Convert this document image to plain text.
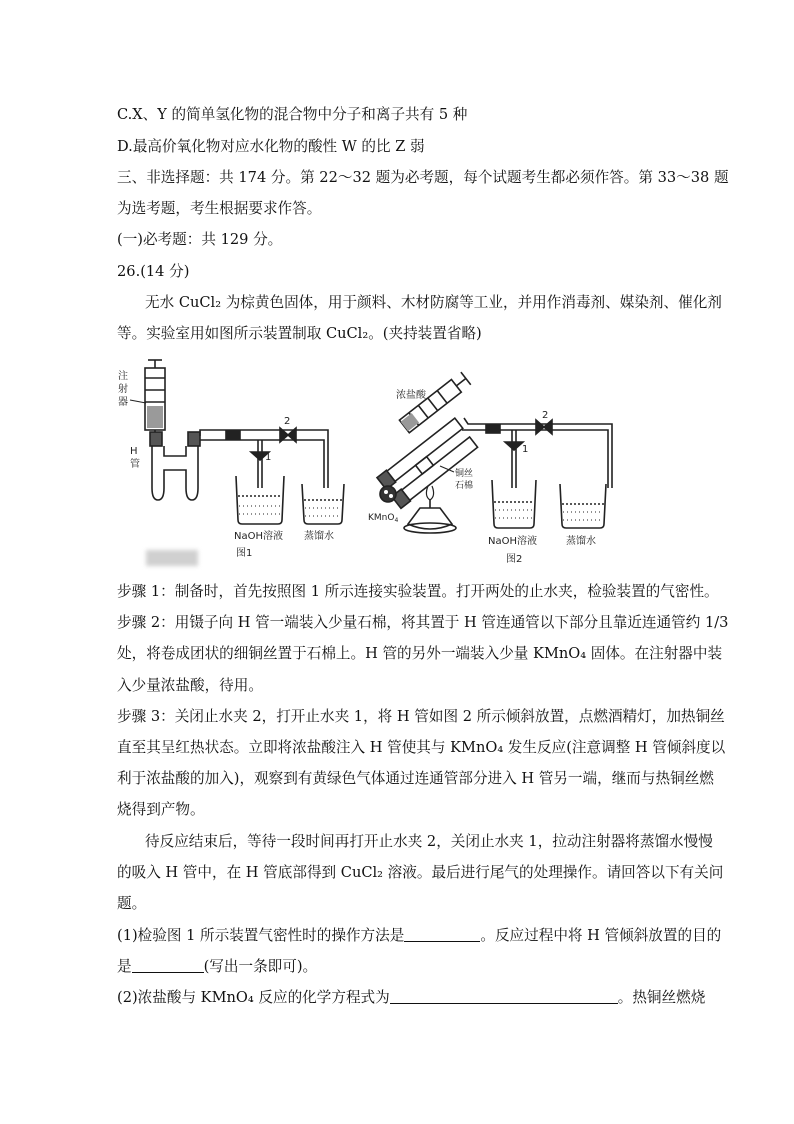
C.X、Y 的简单氢化物的混合物中分子和离子共有 5 种
D.最高价氧化物对应水化物的酸性 W 的比 Z 弱
三、非选择题：共 174 分。第 22～32 题为必考题，每个试题考生都必须作答。第 33～38 题
为选考题，考生根据要求作答。
(一)必考题：共 129 分。
26.(14 分)
无水 CuCl₂ 为棕黄色固体，用于颜料、木材防腐等工业，并用作消毒剂、媒染剂、催化剂
等。实验室用如图所示装置制取 CuCl₂。(夹持装置省略)
注
射
器
H
管
1
2
NaOH溶液 蒸馏水
图1
浓盐酸
KMnO$_4$
铜丝
石棉
1
2
NaOH溶液	蒸馏水
图2
步骤 1：制备时，首先按照图 1 所示连接实验装置。打开两处的止水夹，检验装置的气密性。
步骤 2：用镊子向 H 管一端装入少量石棉，将其置于 H 管连通管以下部分且靠近连通管约 1/3
处，将卷成团状的细铜丝置于石棉上。H 管的另外一端装入少量 KMnO₄ 固体。在注射器中装
入少量浓盐酸，待用。
步骤 3：关闭止水夹 2，打开止水夹 1，将 H 管如图 2 所示倾斜放置，点燃酒精灯，加热铜丝
直至其呈红热状态。立即将浓盐酸注入 H 管使其与 KMnO₄ 发生反应(注意调整 H 管倾斜度以
利于浓盐酸的加入)，观察到有黄绿色气体通过连通管部分进入 H 管另一端，继而与热铜丝燃
烧得到产物。
待反应结束后，等待一段时间再打开止水夹 2，关闭止水夹 1，拉动注射器将蒸馏水慢慢
的吸入 H 管中，在 H 管底部得到 CuCl₂ 溶液。最后进行尾气的处理操作。请回答以下有关问
题。
(1)检验图 1 所示装置气密性时的操作方法是	。反应过程中将 H 管倾斜放置的目的
是	(写出一条即可)。
(2)浓盐酸与 KMnO₄ 反应的化学方程式为	。热铜丝燃烧
